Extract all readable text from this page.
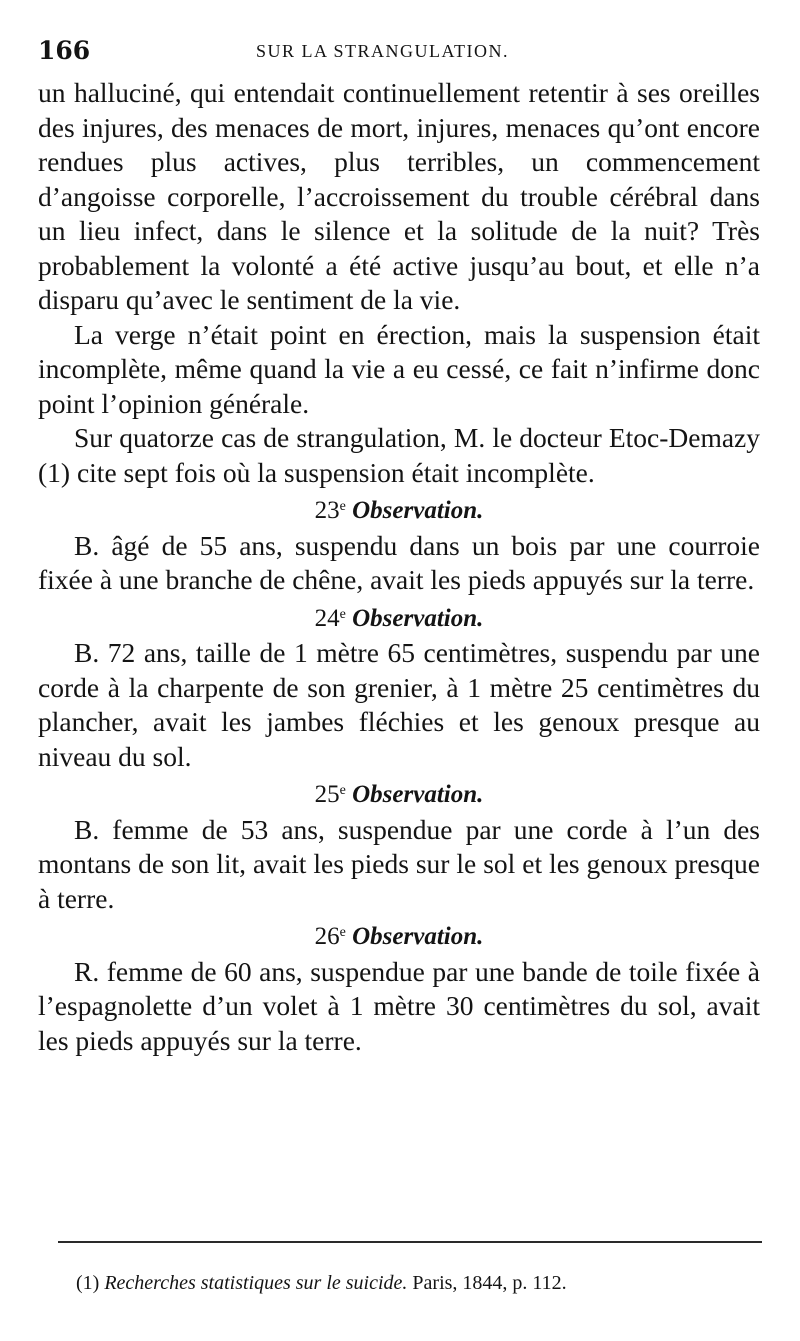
166	SUR LA STRANGULATION.

un halluciné, qui entendait continuellement retentir à ses oreilles des injures, des menaces de mort, injures, menaces qu’ont encore rendues plus actives, plus terribles, un commencement d’angoisse corporelle, l’accroissement du trouble cérébral dans un lieu infect, dans le silence et la solitude de la nuit? Très probablement la volonté a été active jusqu’au bout, et elle n’a disparu qu’avec le sentiment de la vie.

La verge n’était point en érection, mais la suspension était incomplète, même quand la vie a eu cessé, ce fait n’infirme donc point l’opinion générale.

Sur quatorze cas de strangulation, M. le docteur Etoc-Demazy (1) cite sept fois où la suspension était incomplète.

23e Observation.

B. âgé de 55 ans, suspendu dans un bois par une courroie fixée à une branche de chêne, avait les pieds appuyés sur la terre.

24e Observation.

B. 72 ans, taille de 1 mètre 65 centimètres, suspendu par une corde à la charpente de son grenier, à 1 mètre 25 centimètres du plancher, avait les jambes fléchies et les genoux presque au niveau du sol.

25e Observation.

B. femme de 53 ans, suspendue par une corde à l’un des montans de son lit, avait les pieds sur le sol et les genoux presque à terre.

26e Observation.

R. femme de 60 ans, suspendue par une bande de toile fixée à l’espagnolette d’un volet à 1 mètre 30 centimètres du sol, avait les pieds appuyés sur la terre.

(1) Recherches statistiques sur le suicide. Paris, 1844, p. 112.
